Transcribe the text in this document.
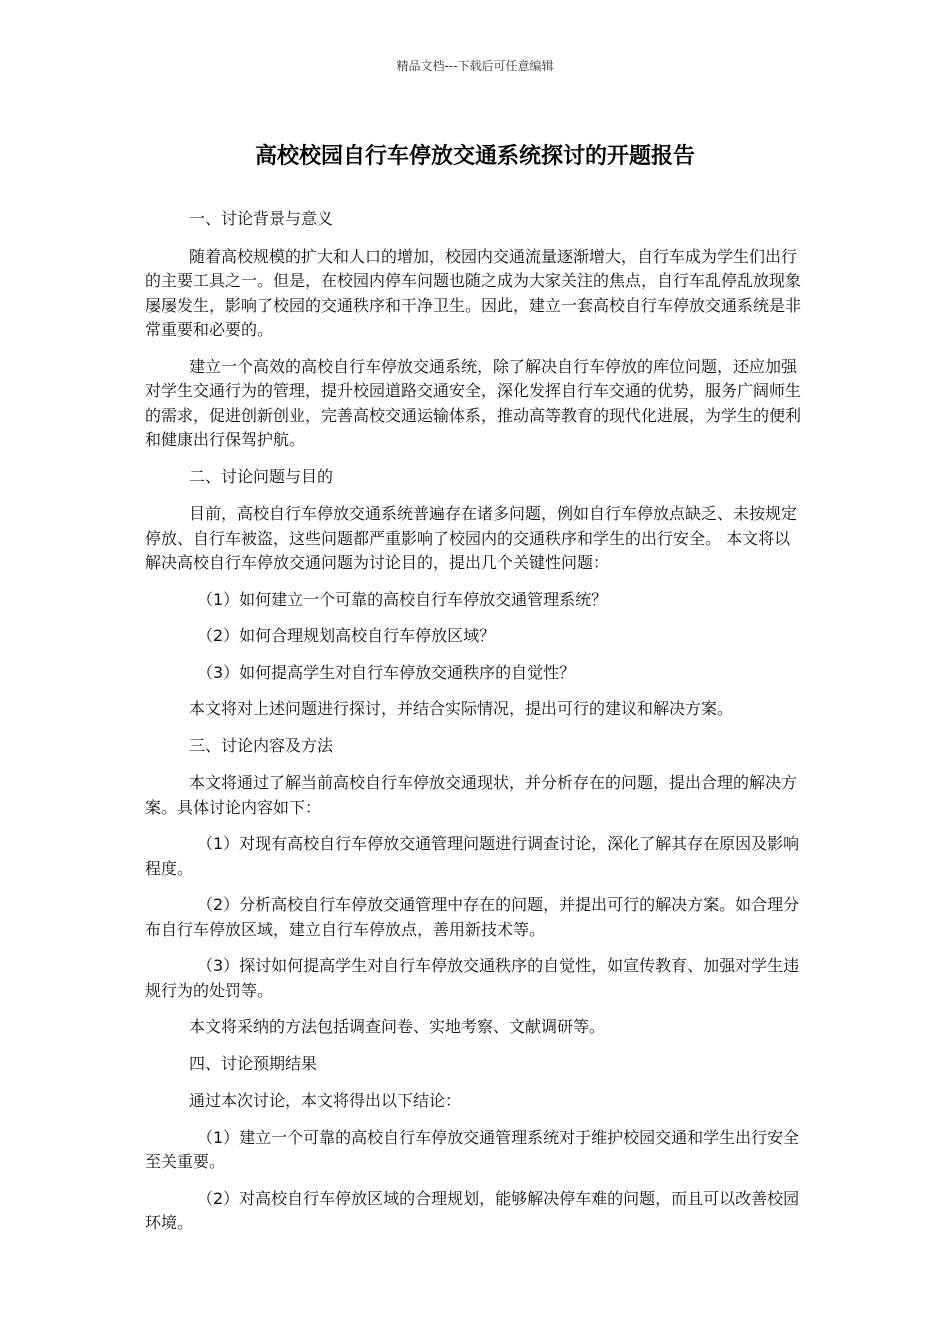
精品文档---下载后可任意编辑
高校校园自行车停放交通系统探讨的开题报告

一、讨论背景与意义

随着高校规模的扩大和人口的增加，校园内交通流量逐渐增大，自行车成为学生们出行的主要工具之一。但是，在校园内停车问题也随之成为大家关注的焦点，自行车乱停乱放现象屡屡发生，影响了校园的交通秩序和干净卫生。因此，建立一套高校自行车停放交通系统是非常重要和必要的。

建立一个高效的高校自行车停放交通系统，除了解决自行车停放的库位问题，还应加强对学生交通行为的管理，提升校园道路交通安全，深化发挥自行车交通的优势，服务广阔师生的需求，促进创新创业，完善高校交通运输体系，推动高等教育的现代化进展，为学生的便利和健康出行保驾护航。

二、讨论问题与目的

目前，高校自行车停放交通系统普遍存在诸多问题，例如自行车停放点缺乏、未按规定停放、自行车被盗，这些问题都严重影响了校园内的交通秩序和学生的出行安全。 本文将以解决高校自行车停放交通问题为讨论目的，提出几个关键性问题：

（1）如何建立一个可靠的高校自行车停放交通管理系统？

（2）如何合理规划高校自行车停放区域？

（3）如何提高学生对自行车停放交通秩序的自觉性？

本文将对上述问题进行探讨，并结合实际情况，提出可行的建议和解决方案。

三、讨论内容及方法

本文将通过了解当前高校自行车停放交通现状，并分析存在的问题，提出合理的解决方案。具体讨论内容如下：

（1）对现有高校自行车停放交通管理问题进行调查讨论，深化了解其存在原因及影响程度。

（2）分析高校自行车停放交通管理中存在的问题，并提出可行的解决方案。如合理分布自行车停放区域，建立自行车停放点，善用新技术等。

（3）探讨如何提高学生对自行车停放交通秩序的自觉性，如宣传教育、加强对学生违规行为的处罚等。

本文将采纳的方法包括调查问卷、实地考察、文献调研等。

四、讨论预期结果

通过本次讨论，本文将得出以下结论：

（1）建立一个可靠的高校自行车停放交通管理系统对于维护校园交通和学生出行安全至关重要。

（2）对高校自行车停放区域的合理规划，能够解决停车难的问题，而且可以改善校园环境。
